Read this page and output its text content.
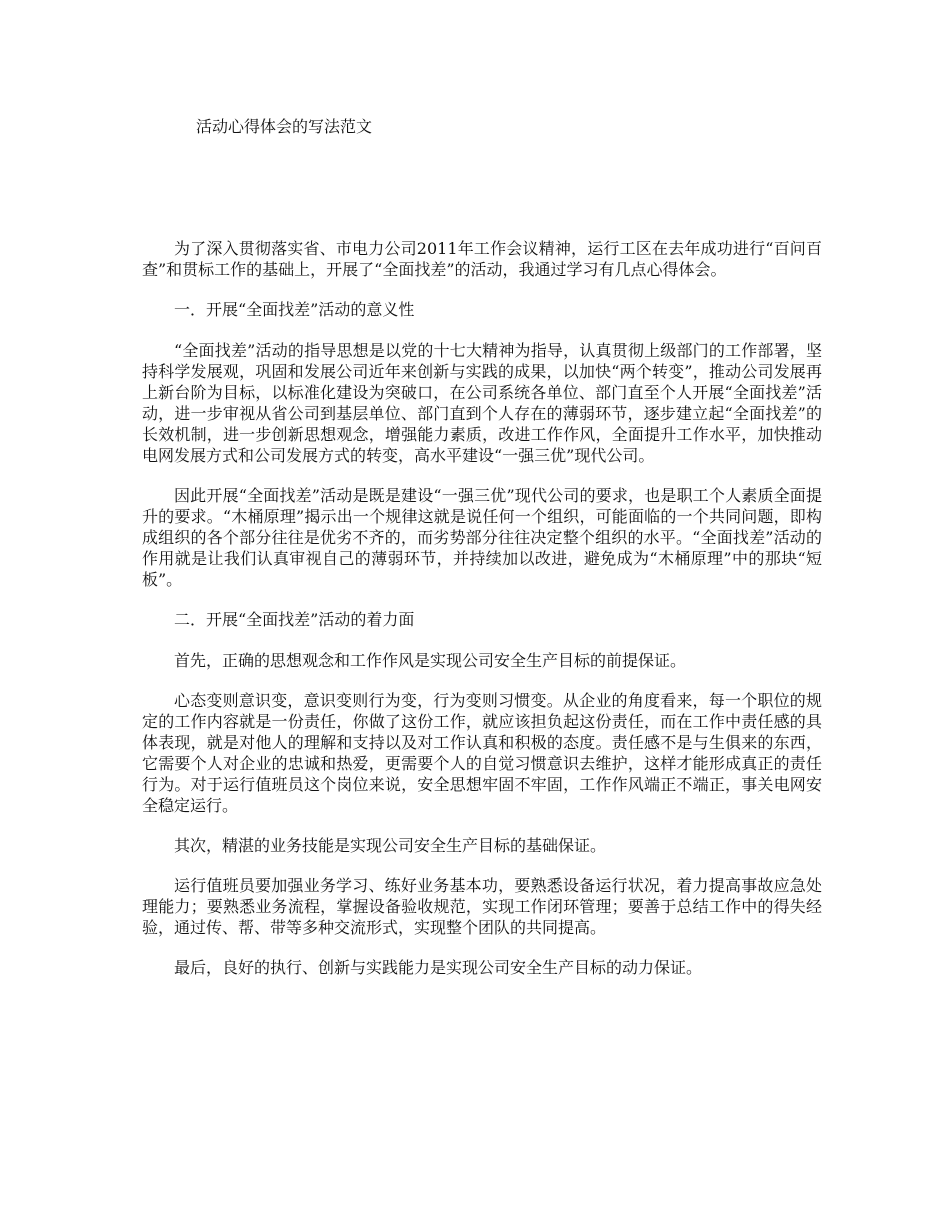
活动心得体会的写法范文

为了深入贯彻落实省、市电力公司2011年工作会议精神，运行工区在去年成功进行“百问百查”和贯标工作的基础上，开展了“全面找差”的活动，我通过学习有几点心得体会。

一．开展“全面找差”活动的意义性

“全面找差”活动的指导思想是以党的十七大精神为指导，认真贯彻上级部门的工作部署，坚持科学发展观，巩固和发展公司近年来创新与实践的成果，以加快“两个转变”，推动公司发展再上新台阶为目标，以标准化建设为突破口，在公司系统各单位、部门直至个人开展“全面找差”活动，进一步审视从省公司到基层单位、部门直到个人存在的薄弱环节，逐步建立起“全面找差”的长效机制，进一步创新思想观念，增强能力素质，改进工作作风，全面提升工作水平，加快推动电网发展方式和公司发展方式的转变，高水平建设“一强三优”现代公司。

因此开展“全面找差”活动是既是建设“一强三优”现代公司的要求，也是职工个人素质全面提升的要求。“木桶原理”揭示出一个规律这就是说任何一个组织，可能面临的一个共同问题，即构成组织的各个部分往往是优劣不齐的，而劣势部分往往决定整个组织的水平。“全面找差”活动的作用就是让我们认真审视自己的薄弱环节，并持续加以改进，避免成为“木桶原理”中的那块“短板”。

二．开展“全面找差”活动的着力面

首先，正确的思想观念和工作作风是实现公司安全生产目标的前提保证。

心态变则意识变，意识变则行为变，行为变则习惯变。从企业的角度看来，每一个职位的规定的工作内容就是一份责任，你做了这份工作，就应该担负起这份责任，而在工作中责任感的具体表现，就是对他人的理解和支持以及对工作认真和积极的态度。责任感不是与生俱来的东西，它需要个人对企业的忠诚和热爱，更需要个人的自觉习惯意识去维护，这样才能形成真正的责任行为。对于运行值班员这个岗位来说，安全思想牢固不牢固，工作作风端正不端正，事关电网安全稳定运行。

其次，精湛的业务技能是实现公司安全生产目标的基础保证。

运行值班员要加强业务学习、练好业务基本功，要熟悉设备运行状况，着力提高事故应急处理能力；要熟悉业务流程，掌握设备验收规范，实现工作闭环管理；要善于总结工作中的得失经验，通过传、帮、带等多种交流形式，实现整个团队的共同提高。

最后，良好的执行、创新与实践能力是实现公司安全生产目标的动力保证。
